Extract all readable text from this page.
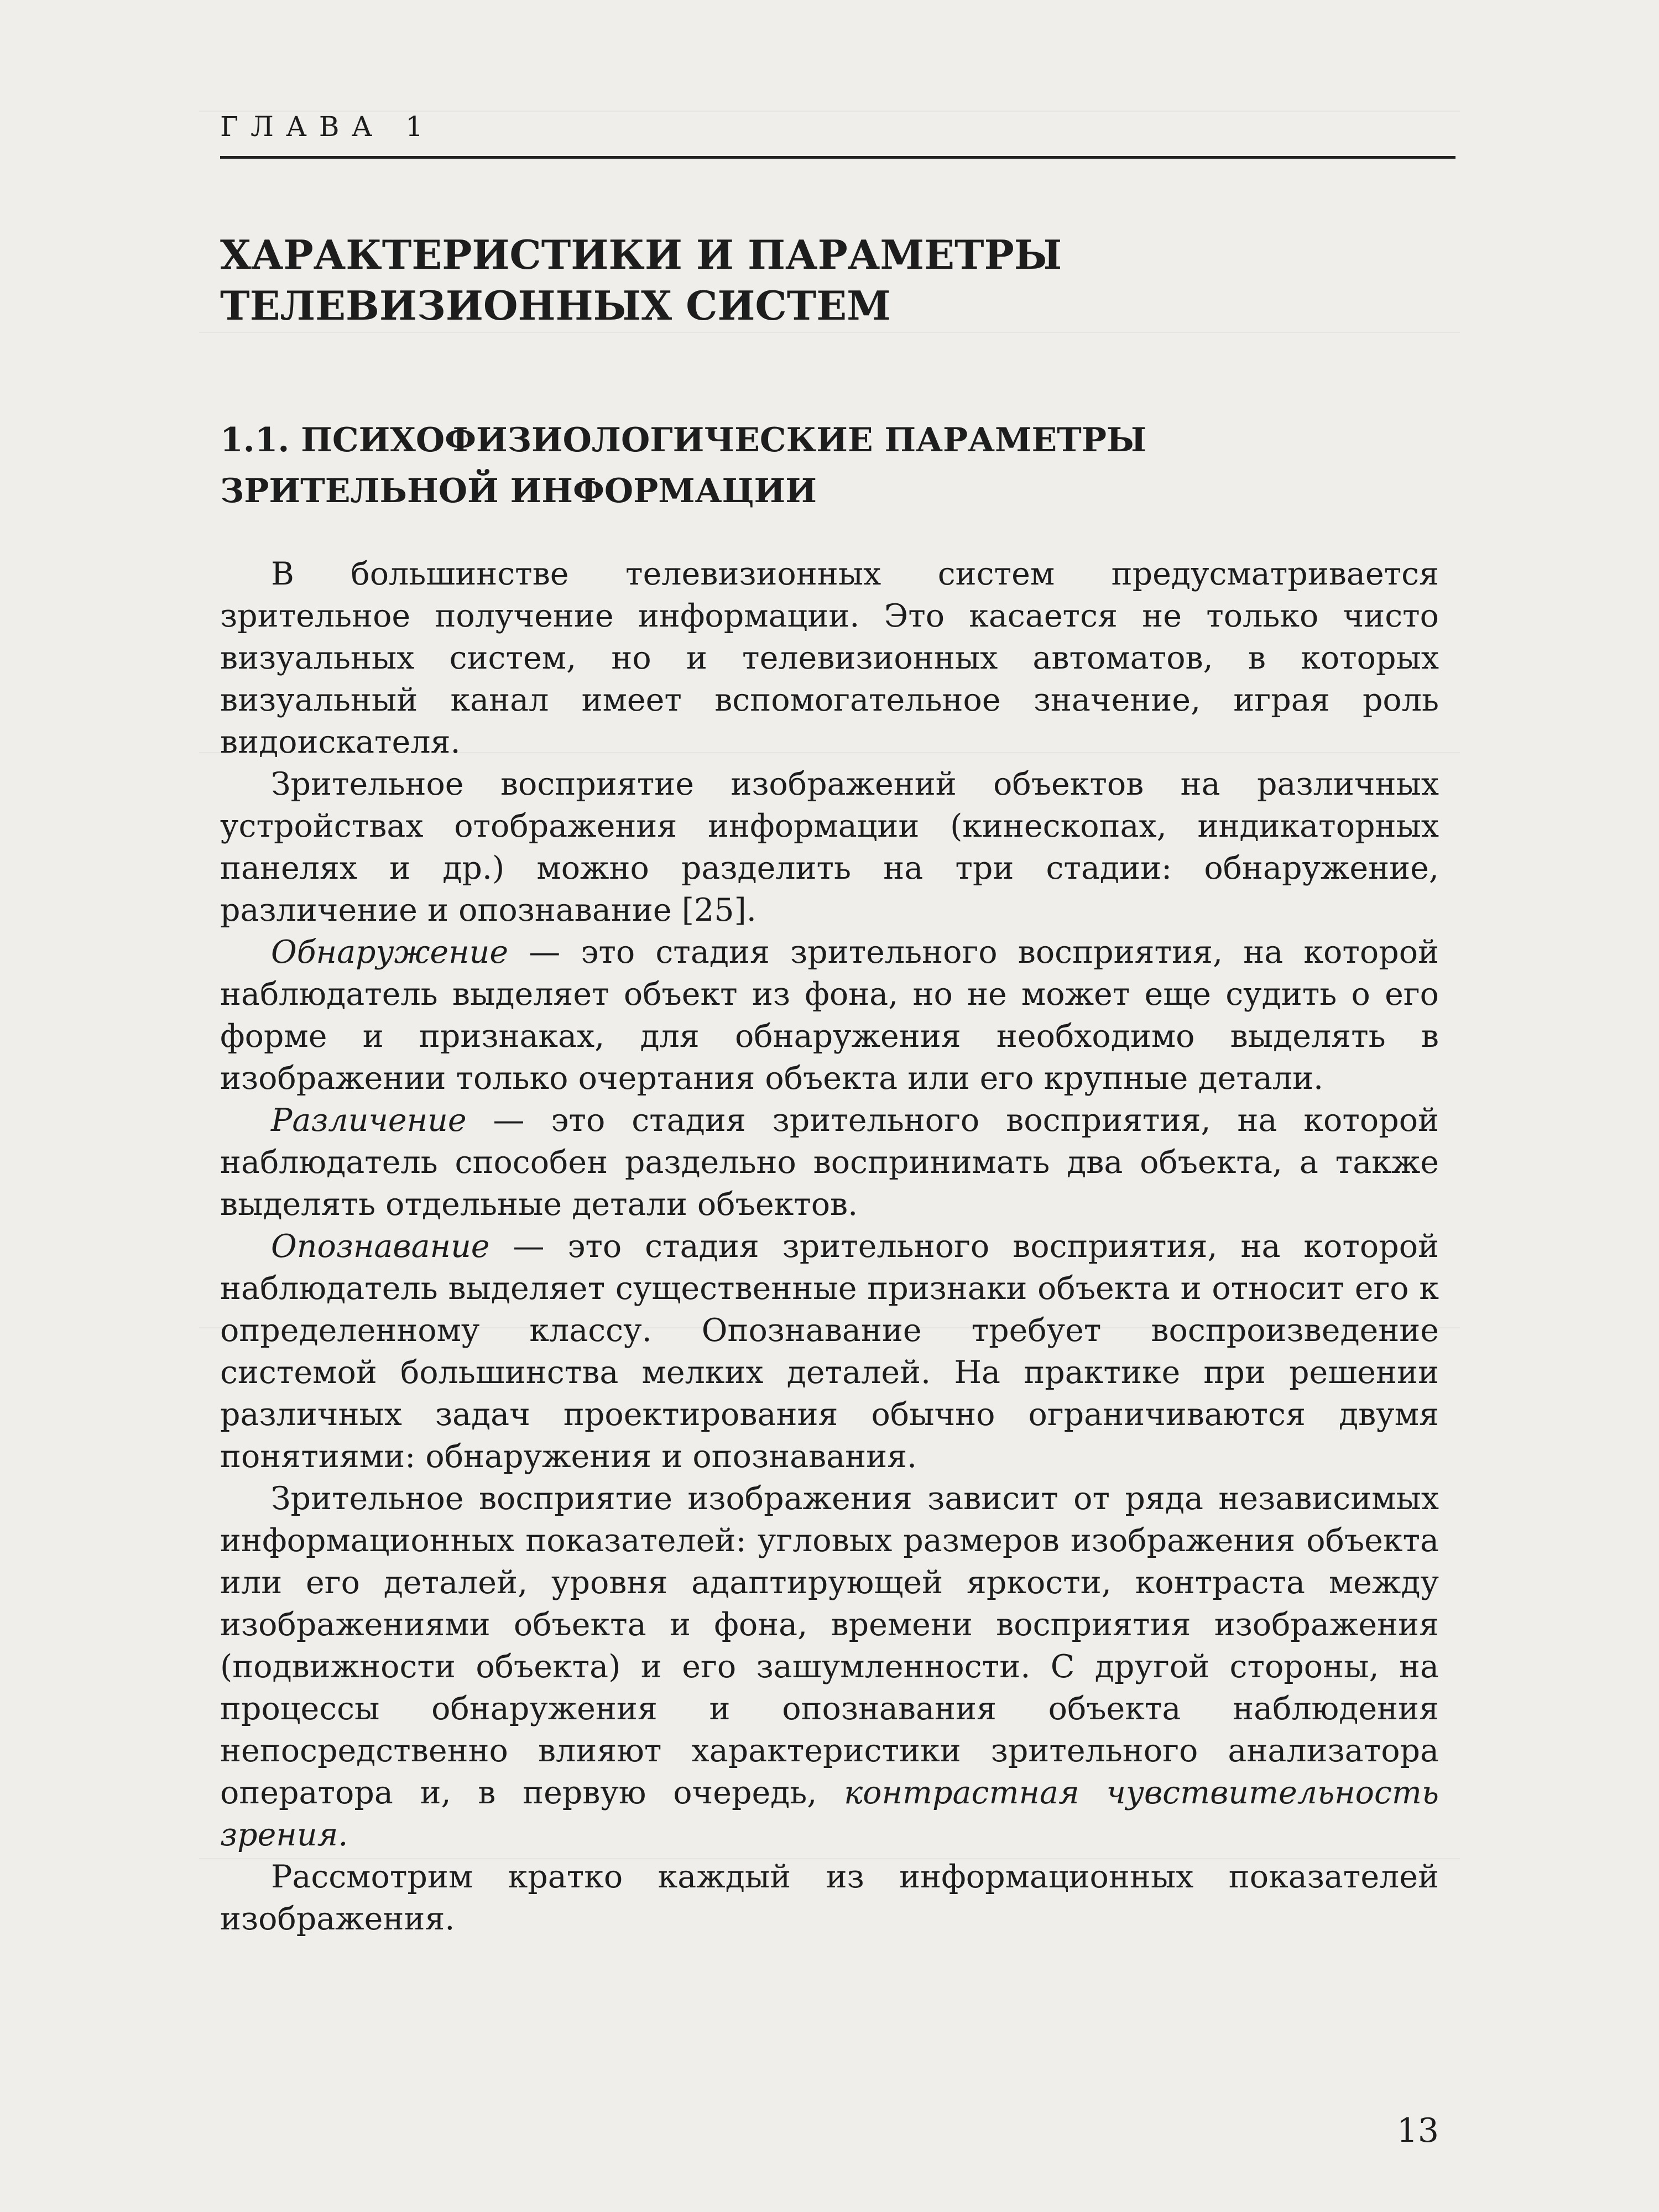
ГЛАВА 1
ХАРАКТЕРИСТИКИ И ПАРАМЕТРЫ
ТЕЛЕВИЗИОННЫХ СИСТЕМ
1.1. ПСИХОФИЗИОЛОГИЧЕСКИЕ ПАРАМЕТРЫ
ЗРИТЕЛЬНОЙ ИНФОРМАЦИИ

В большинстве телевизионных систем предусматривается зрительное получение информации. Это касается не только чисто визуальных систем, но и телевизионных автоматов, в которых визуальный канал имеет вспомогательное значение, играя роль видоискателя.

Зрительное восприятие изображений объектов на различных устройствах отображения информации (кинескопах, индикаторных панелях и др.) можно разделить на три стадии: обнаружение, различение и опознавание [25].

Обнаружение — это стадия зрительного восприятия, на которой наблюдатель выделяет объект из фона, но не может еще судить о его форме и признаках, для обнаружения необходимо выделять в изображении только очертания объекта или его крупные детали.

Различение — это стадия зрительного восприятия, на которой наблюдатель способен раздельно воспринимать два объекта, а также выделять отдельные детали объектов.

Опознавание — это стадия зрительного восприятия, на которой наблюдатель выделяет существенные признаки объекта и относит его к определенному классу. Опознавание требует воспроизведение системой большинства мелких деталей. На практике при решении различных задач проектирования обычно ограничиваются двумя понятиями: обнаружения и опознавания.

Зрительное восприятие изображения зависит от ряда независимых информационных показателей: угловых размеров изображения объекта или его деталей, уровня адаптирующей яркости, контраста между изображениями объекта и фона, времени восприятия изображения (подвижности объекта) и его зашумленности. С другой стороны, на процессы обнаружения и опознавания объекта наблюдения непосредственно влияют характеристики зрительного анализатора оператора и, в первую очередь, контрастная чувствительность зрения.

Рассмотрим кратко каждый из информационных показателей изображения.

13
